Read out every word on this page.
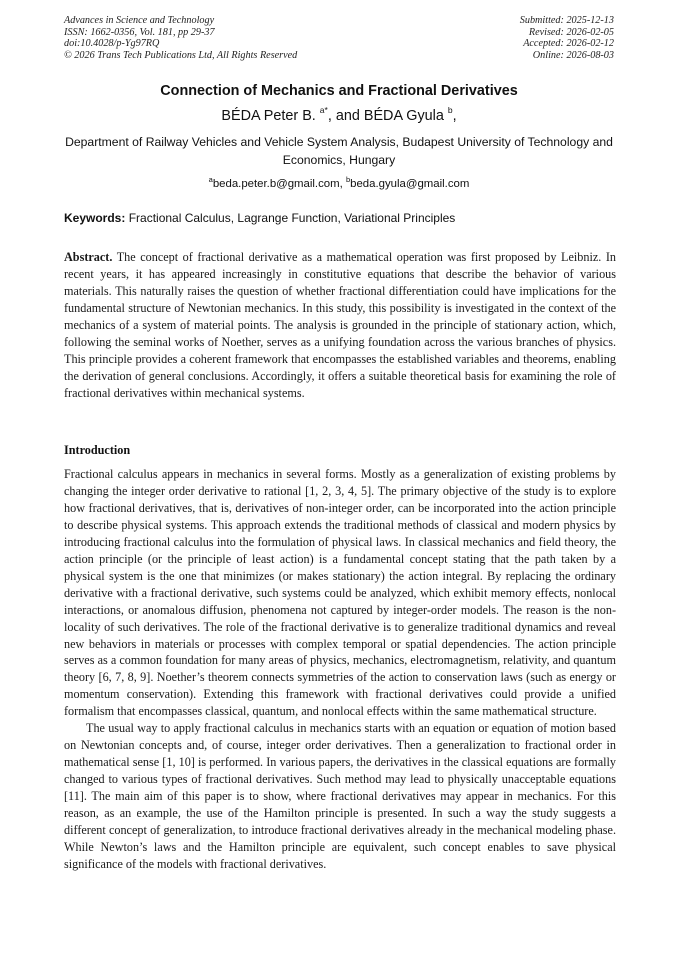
Advances in Science and Technology
ISSN: 1662-0356, Vol. 181, pp 29-37
doi:10.4028/p-Yg97RQ
© 2026 Trans Tech Publications Ltd, All Rights Reserved
Submitted: 2025-12-13
Revised: 2026-02-05
Accepted: 2026-02-12
Online: 2026-08-03
Connection of Mechanics and Fractional Derivatives
BÉDA Peter B. $^{a*}$, and BÉDA Gyula $^b$,
Department of Railway Vehicles and Vehicle System Analysis, Budapest University of Technology and Economics, Hungary
$^a$beda.peter.b@gmail.com, $^b$beda.gyula@gmail.com
Keywords: Fractional Calculus, Lagrange Function, Variational Principles
Abstract. The concept of fractional derivative as a mathematical operation was first proposed by Leibniz. In recent years, it has appeared increasingly in constitutive equations that describe the behavior of various materials. This naturally raises the question of whether fractional differentiation could have implications for the fundamental structure of Newtonian mechanics. In this study, this possibility is investigated in the context of the mechanics of a system of material points. The analysis is grounded in the principle of stationary action, which, following the seminal works of Noether, serves as a unifying foundation across the various branches of physics. This principle provides a coherent framework that encompasses the established variables and theorems, enabling the derivation of general conclusions. Accordingly, it offers a suitable theoretical basis for examining the role of fractional derivatives within mechanical systems.
Introduction

Fractional calculus appears in mechanics in several forms. Mostly as a generalization of existing problems by changing the integer order derivative to rational [1, 2, 3, 4, 5]. The primary objective of the study is to explore how fractional derivatives, that is, derivatives of non-integer order, can be incorporated into the action principle to describe physical systems. This approach extends the traditional methods of classical and modern physics by introducing fractional calculus into the formulation of physical laws. In classical mechanics and field theory, the action principle (or the principle of least action) is a fundamental concept stating that the path taken by a physical system is the one that minimizes (or makes stationary) the action integral. By replacing the ordinary derivative with a fractional derivative, such systems could be analyzed, which exhibit memory effects, nonlocal interactions, or anomalous diffusion, phenomena not captured by integer-order models. The reason is the non-locality of such derivatives. The role of the fractional derivative is to generalize traditional dynamics and reveal new behaviors in materials or processes with complex temporal or spatial dependencies. The action principle serves as a common foundation for many areas of physics, mechanics, electromagnetism, relativity, and quantum theory [6, 7, 8, 9]. Noether’s theorem connects symmetries of the action to conservation laws (such as energy or momentum conservation). Extending this framework with fractional derivatives could provide a unified formalism that encompasses classical, quantum, and nonlocal effects within the same mathematical structure.

The usual way to apply fractional calculus in mechanics starts with an equation or equation of motion based on Newtonian concepts and, of course, integer order derivatives. Then a generalization to fractional order in mathematical sense [1, 10] is performed. In various papers, the derivatives in the classical equations are formally changed to various types of fractional derivatives. Such method may lead to physically unacceptable equations [11]. The main aim of this paper is to show, where fractional derivatives may appear in mechanics. For this reason, as an example, the use of the Hamilton principle is presented. In such a way the study suggests a different concept of generalization, to introduce fractional derivatives already in the mechanical modeling phase. While Newton’s laws and the Hamilton principle are equivalent, such concept enables to save physical significance of the models with fractional derivatives.
